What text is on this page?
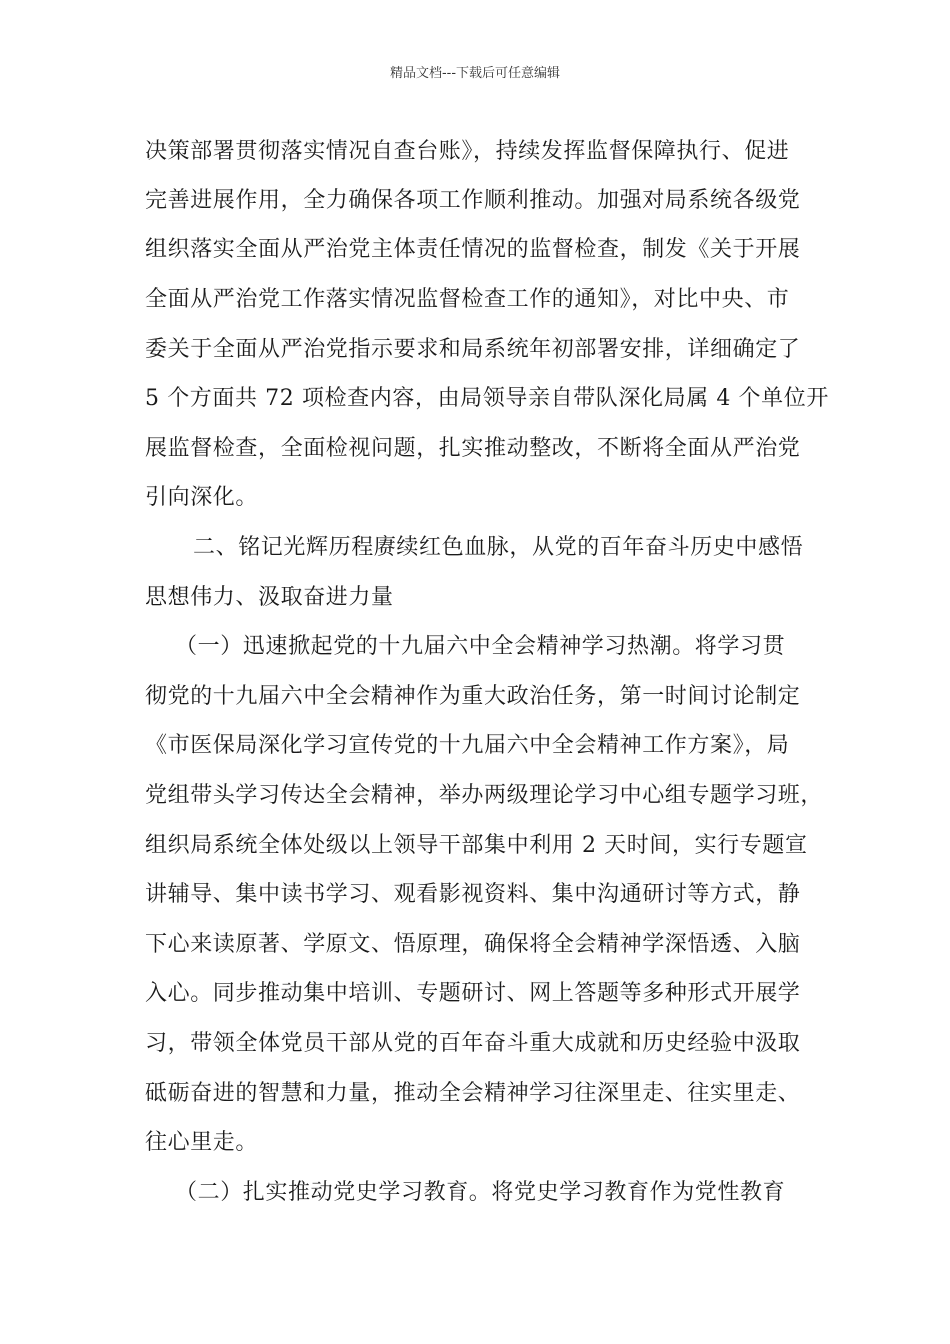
精品文档---下载后可任意编辑
决策部署贯彻落实情况自查台账》，持续发挥监督保障执行、促进
完善进展作用，全力确保各项工作顺利推动。加强对局系统各级党
组织落实全面从严治党主体责任情况的监督检查，制发《关于开展
全面从严治党工作落实情况监督检查工作的通知》，对比中央、市
委关于全面从严治党指示要求和局系统年初部署安排，详细确定了
5 个方面共 72 项检查内容，由局领导亲自带队深化局属 4 个单位开
展监督检查，全面检视问题，扎实推动整改，不断将全面从严治党
引向深化。
二、铭记光辉历程赓续红色血脉，从党的百年奋斗历史中感悟
思想伟力、汲取奋进力量
（一）迅速掀起党的十九届六中全会精神学习热潮。将学习贯
彻党的十九届六中全会精神作为重大政治任务，第一时间讨论制定
《市医保局深化学习宣传党的十九届六中全会精神工作方案》，局
党组带头学习传达全会精神，举办两级理论学习中心组专题学习班，
组织局系统全体处级以上领导干部集中利用 2 天时间，实行专题宣
讲辅导、集中读书学习、观看影视资料、集中沟通研讨等方式，静
下心来读原著、学原文、悟原理，确保将全会精神学深悟透、入脑
入心。同步推动集中培训、专题研讨、网上答题等多种形式开展学
习，带领全体党员干部从党的百年奋斗重大成就和历史经验中汲取
砥砺奋进的智慧和力量，推动全会精神学习往深里走、往实里走、
往心里走。
（二）扎实推动党史学习教育。将党史学习教育作为党性教育
